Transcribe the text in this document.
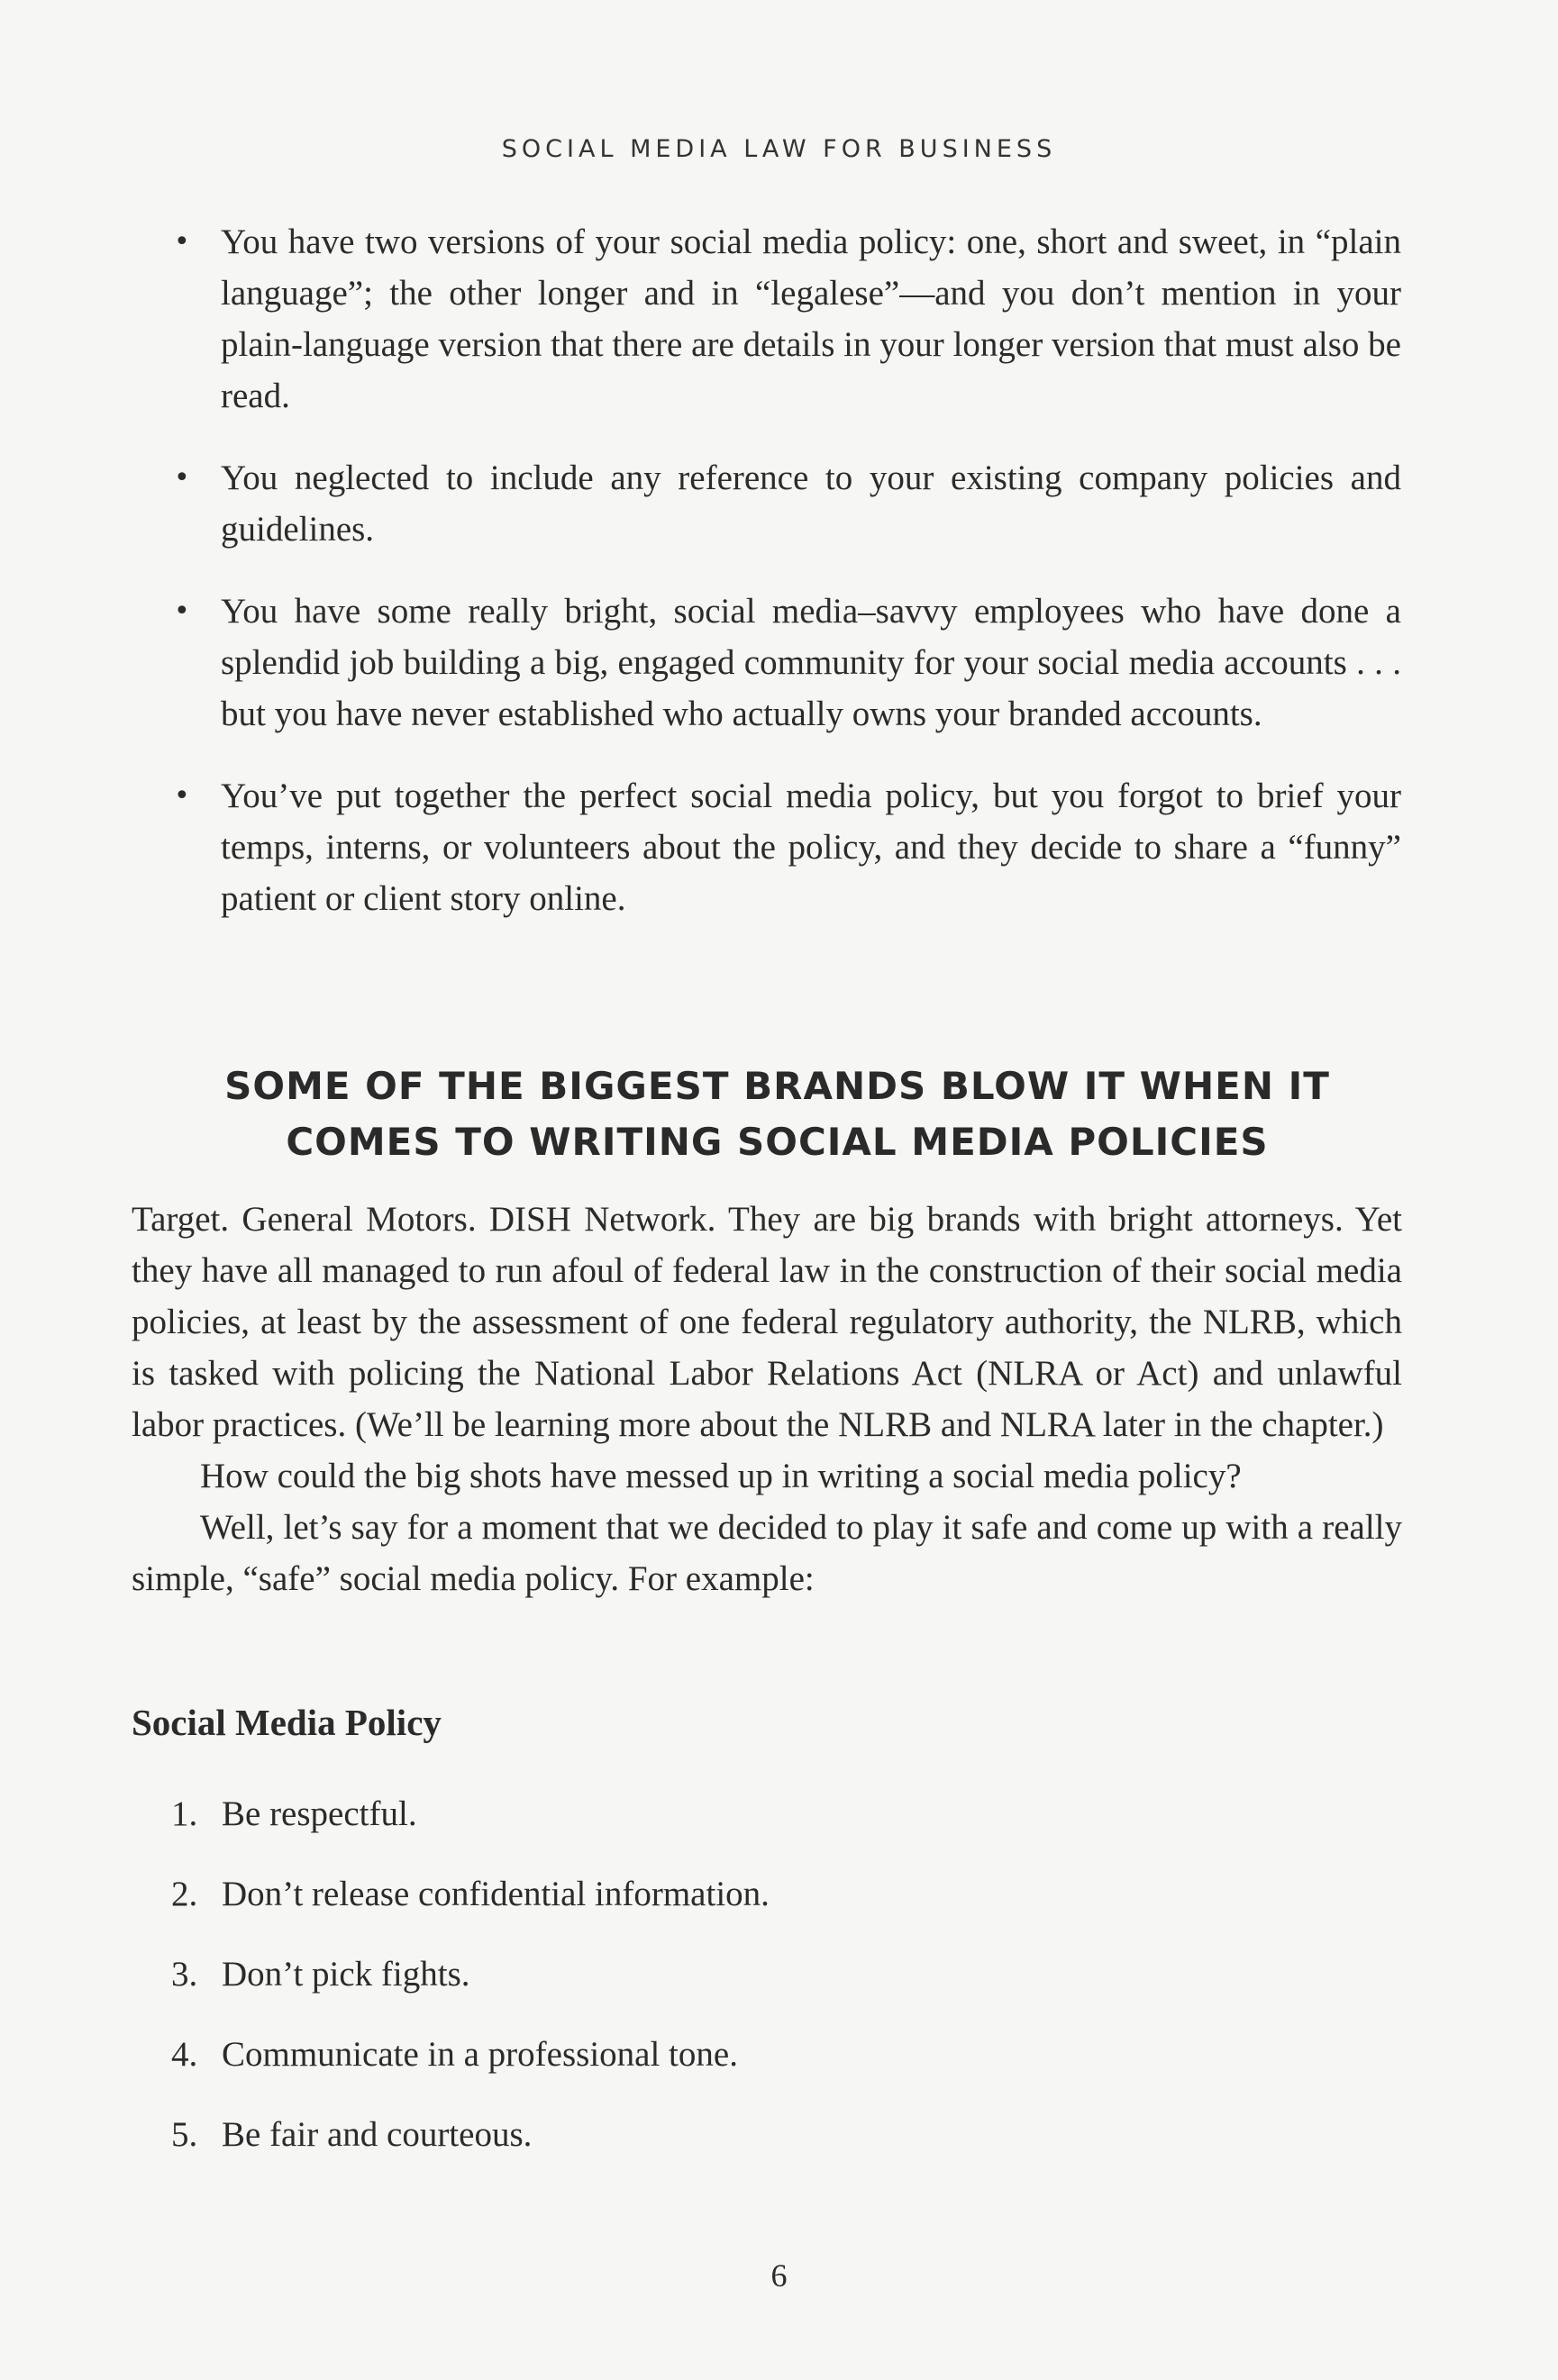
SOCIAL MEDIA LAW FOR BUSINESS
• You have two versions of your social media policy: one, short and sweet, in “plain language”; the other longer and in “legalese”—and you don’t mention in your plain-language version that there are details in your longer version that must also be read.
• You neglected to include any reference to your existing company policies and guidelines.
• You have some really bright, social media–savvy employees who have done a splendid job building a big, engaged community for your social media accounts . . . but you have never established who actually owns your branded accounts.
• You’ve put together the perfect social media policy, but you forgot to brief your temps, interns, or volunteers about the policy, and they decide to share a “funny” patient or client story online.
SOME OF THE BIGGEST BRANDS BLOW IT WHEN IT
COMES TO WRITING SOCIAL MEDIA POLICIES

Target. General Motors. DISH Network. They are big brands with bright attorneys. Yet they have all managed to run afoul of federal law in the construction of their social media policies, at least by the assessment of one federal regulatory authority, the NLRB, which is tasked with policing the National Labor Relations Act (NLRA or Act) and unlawful labor practices. (We’ll be learning more about the NLRB and NLRA later in the chapter.)

How could the big shots have messed up in writing a social media policy?

Well, let’s say for a moment that we decided to play it safe and come up with a really simple, “safe” social media policy. For example:

Social Media Policy
1. Be respectful.
2. Don’t release confidential information.
3. Don’t pick fights.
4. Communicate in a professional tone.
5. Be fair and courteous.
6
